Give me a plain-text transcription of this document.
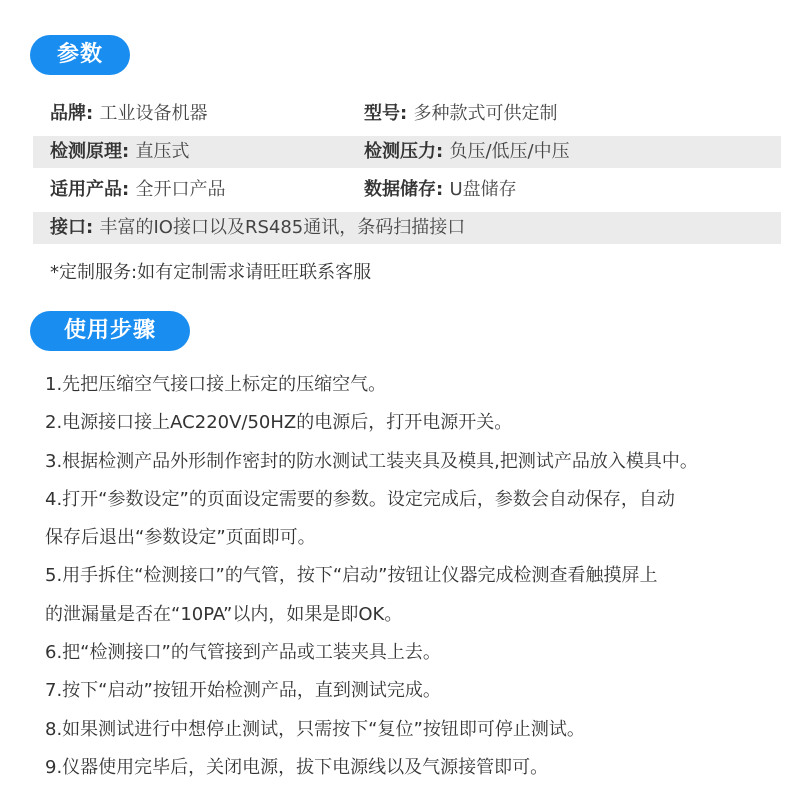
参数
品牌: 工业设备机器	型号: 多种款式可供定制
检测原理: 直压式	检测压力: 负压/低压/中压
适用产品: 全开口产品	数据储存: U盘储存
接口: 丰富的IO接口以及RS485通讯，条码扫描接口
*定制服务:如有定制需求请旺旺联系客服
使用步骤
1.先把压缩空气接口接上标定的压缩空气。
2.电源接口接上AC220V/50HZ的电源后，打开电源开关。
3.根据检测产品外形制作密封的防水测试工装夹具及模具,把测试产品放入模具中。
4.打开“参数设定”的页面设定需要的参数。设定完成后，参数会自动保存，自动
保存后退出“参数设定”页面即可。
5.用手拆住“检测接口”的气管，按下“启动”按钮让仪器完成检测查看触摸屏上
的泄漏量是否在“10PA”以内，如果是即OK。
6.把“检测接口”的气管接到产品或工装夹具上去。
7.按下“启动”按钮开始检测产品，直到测试完成。
8.如果测试进行中想停止测试，只需按下“复位”按钮即可停止测试。
9.仪器使用完毕后，关闭电源，拔下电源线以及气源接管即可。
